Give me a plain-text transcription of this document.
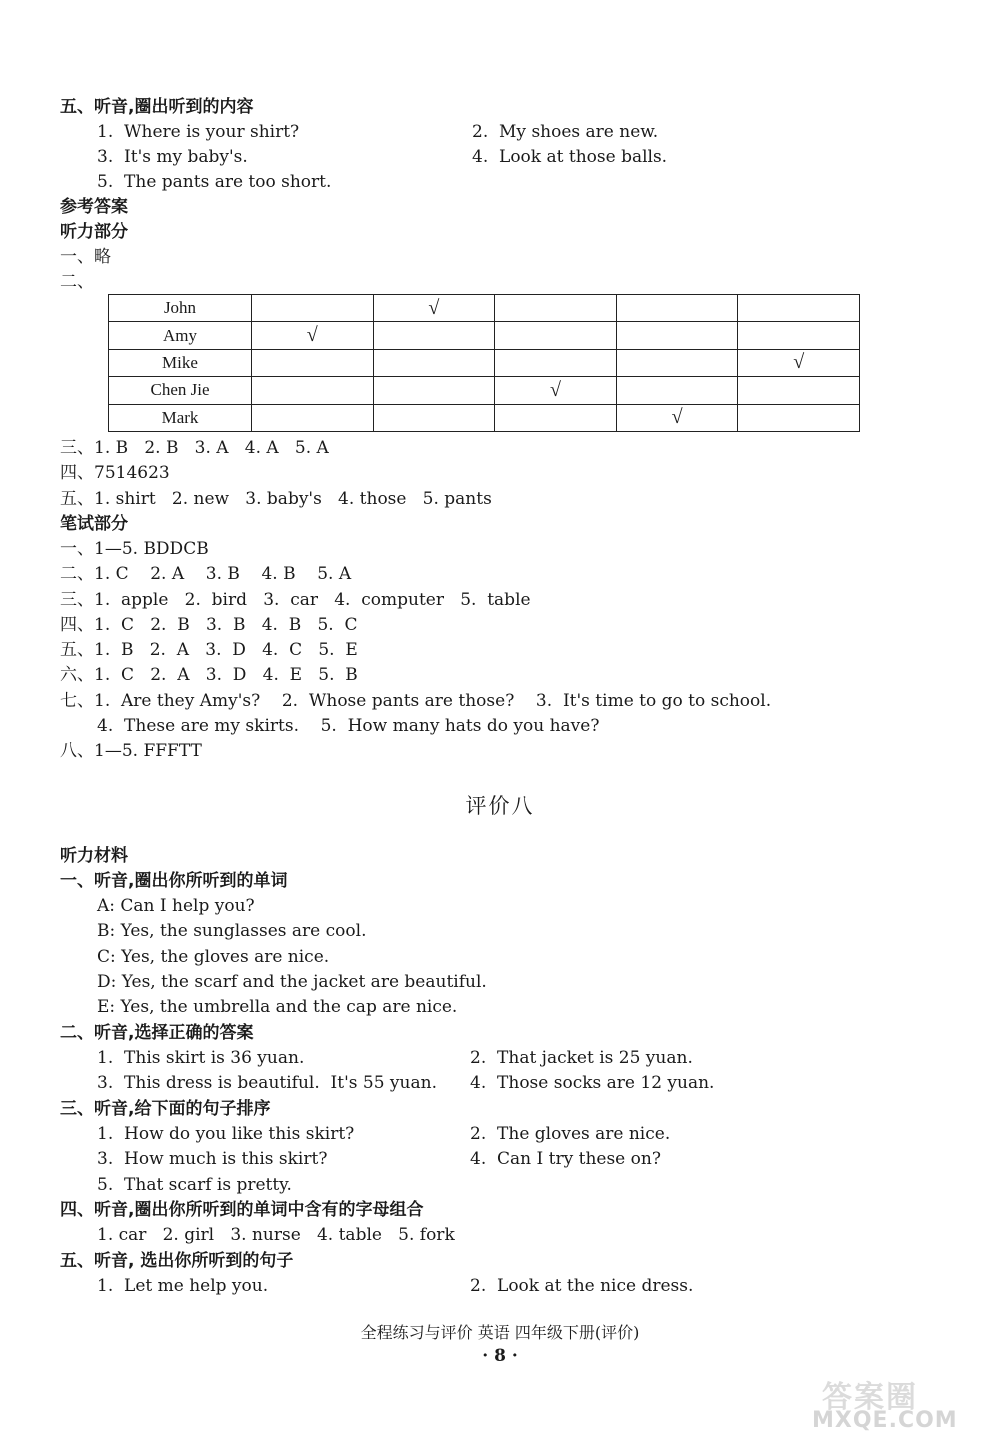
五、听音,圈出听到的内容
1.  Where is your shirt?	2.  My shoes are new.
3.  It's my baby's.	4.  Look at those balls.
5.  The pants are too short.
参考答案
听力部分
一、略
二、
John		√			
Amy	√				
Mike					√
Chen Jie			√		
Mark				√	
三、1. B   2. B   3. A   4. A   5. A
四、7514623
五、1. shirt   2. new   3. baby's   4. those   5. pants
笔试部分
一、1—5. BDDCB
二、1. C    2. A    3. B    4. B    5. A
三、1.  apple   2.  bird   3.  car   4.  computer   5.  table
四、1.  C   2.  B   3.  B   4.  B   5.  C
五、1.  B   2.  A   3.  D   4.  C   5.  E
六、1.  C   2.  A   3.  D   4.  E   5.  B
七、1.  Are they Amy's?    2.  Whose pants are those?    3.  It's time to go to school.
4.  These are my skirts.    5.  How many hats do you have?
八、1—5. FFFTT
评价八
听力材料
一、听音,圈出你所听到的单词
A: Can I help you?
B: Yes, the sunglasses are cool.
C: Yes, the gloves are nice.
D: Yes, the scarf and the jacket are beautiful.
E: Yes, the umbrella and the cap are nice.
二、听音,选择正确的答案
1.  This skirt is 36 yuan.	2.  That jacket is 25 yuan.
3.  This dress is beautiful.  It's 55 yuan. 4.  Those socks are 12 yuan.
三、听音,给下面的句子排序
1.  How do you like this skirt?	2.  The gloves are nice.
3.  How much is this skirt?	4.  Can I try these on?
5.  That scarf is pretty.
四、听音,圈出你所听到的单词中含有的字母组合
1. car   2. girl   3. nurse   4. table   5. fork
五、听音, 选出你所听到的句子
1.  Let me help you.	2.  Look at the nice dress.
全程练习与评价 英语 四年级下册(评价)
· 8 ·
答案圈
MXQE.COM
